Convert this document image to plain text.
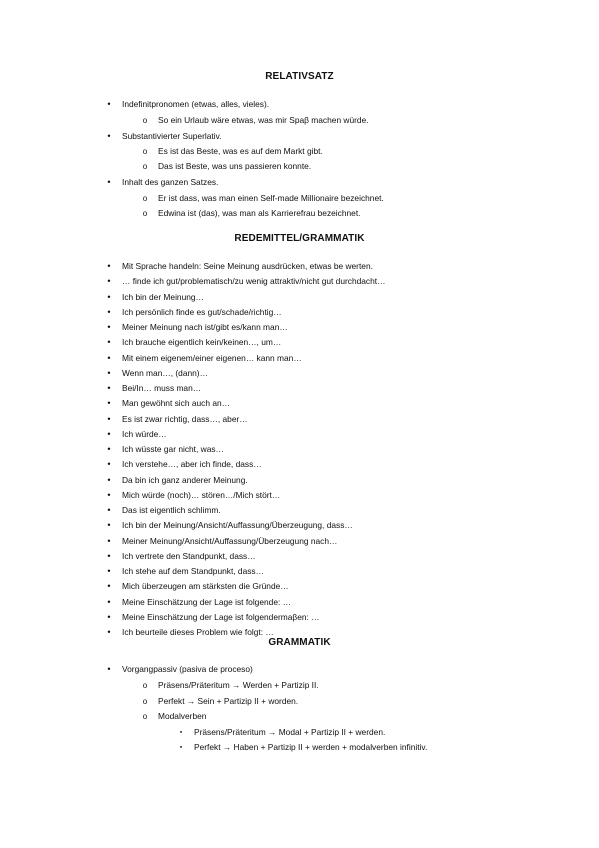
RELATIVSATZ
•	Indefinitpronomen (etwas, alles, vieles).
o	So ein Urlaub wäre etwas, was mir Spaβ machen würde.
•	Substantivierter Superlativ.
o	Es ist das Beste, was es auf dem Markt gibt.
o	Das ist Beste, was uns passieren konnte.
•	Inhalt des ganzen Satzes.
o	Er ist dass, was man einen Self-made Millionaire bezeichnet.
o	Edwina ist (das), was man als Karrierefrau bezeichnet.
REDEMITTEL/GRAMMATIK
•	Mit Sprache handeln: Seine Meinung ausdrücken, etwas be werten.
•	… finde ich gut/problematisch/zu wenig attraktiv/nicht gut durchdacht…
•	Ich bin der Meinung…
•	Ich persönlich finde es gut/schade/richtig…
•	Meiner Meinung nach ist/gibt es/kann man…
•	Ich brauche eigentlich kein/keinen…, um…
•	Mit einem eigenem/einer eigenen… kann man…
•	Wenn man…, (dann)…
•	Bei/In… muss man…
•	Man gewöhnt sich auch an…
•	Es ist zwar richtig, dass…, aber…
•	Ich würde…
•	Ich wüsste gar nicht, was…
•	Ich verstehe…, aber ich finde, dass…
•	Da bin ich ganz anderer Meinung.
•	Mich würde (noch)… stören…/Mich stört…
•	Das ist eigentlich schlimm.
•	Ich bin der Meinung/Ansicht/Auffassung/Überzeugung, dass…
•	Meiner Meinung/Ansicht/Auffassung/Überzeugung nach…
•	Ich vertrete den Standpunkt, dass…
•	Ich stehe auf dem Standpunkt, dass…
•	Mich überzeugen am stärksten die Gründe…
•	Meine Einschätzung der Lage ist folgende: …
•	Meine Einschätzung der Lage ist folgendermaβen: …
•	Ich beurteile dieses Problem wie folgt: …
GRAMMATIK
•	Vorgangpassiv (pasiva de proceso)
o	Präsens/Präteritum → Werden + Partizip II.
o	Perfekt → Sein + Partizip II + worden.
o	Modalverben
▪	Präsens/Präteritum → Modal + Partizip II + werden.
▪	Perfekt → Haben + Partizip II + werden + modalverben infinitiv.
